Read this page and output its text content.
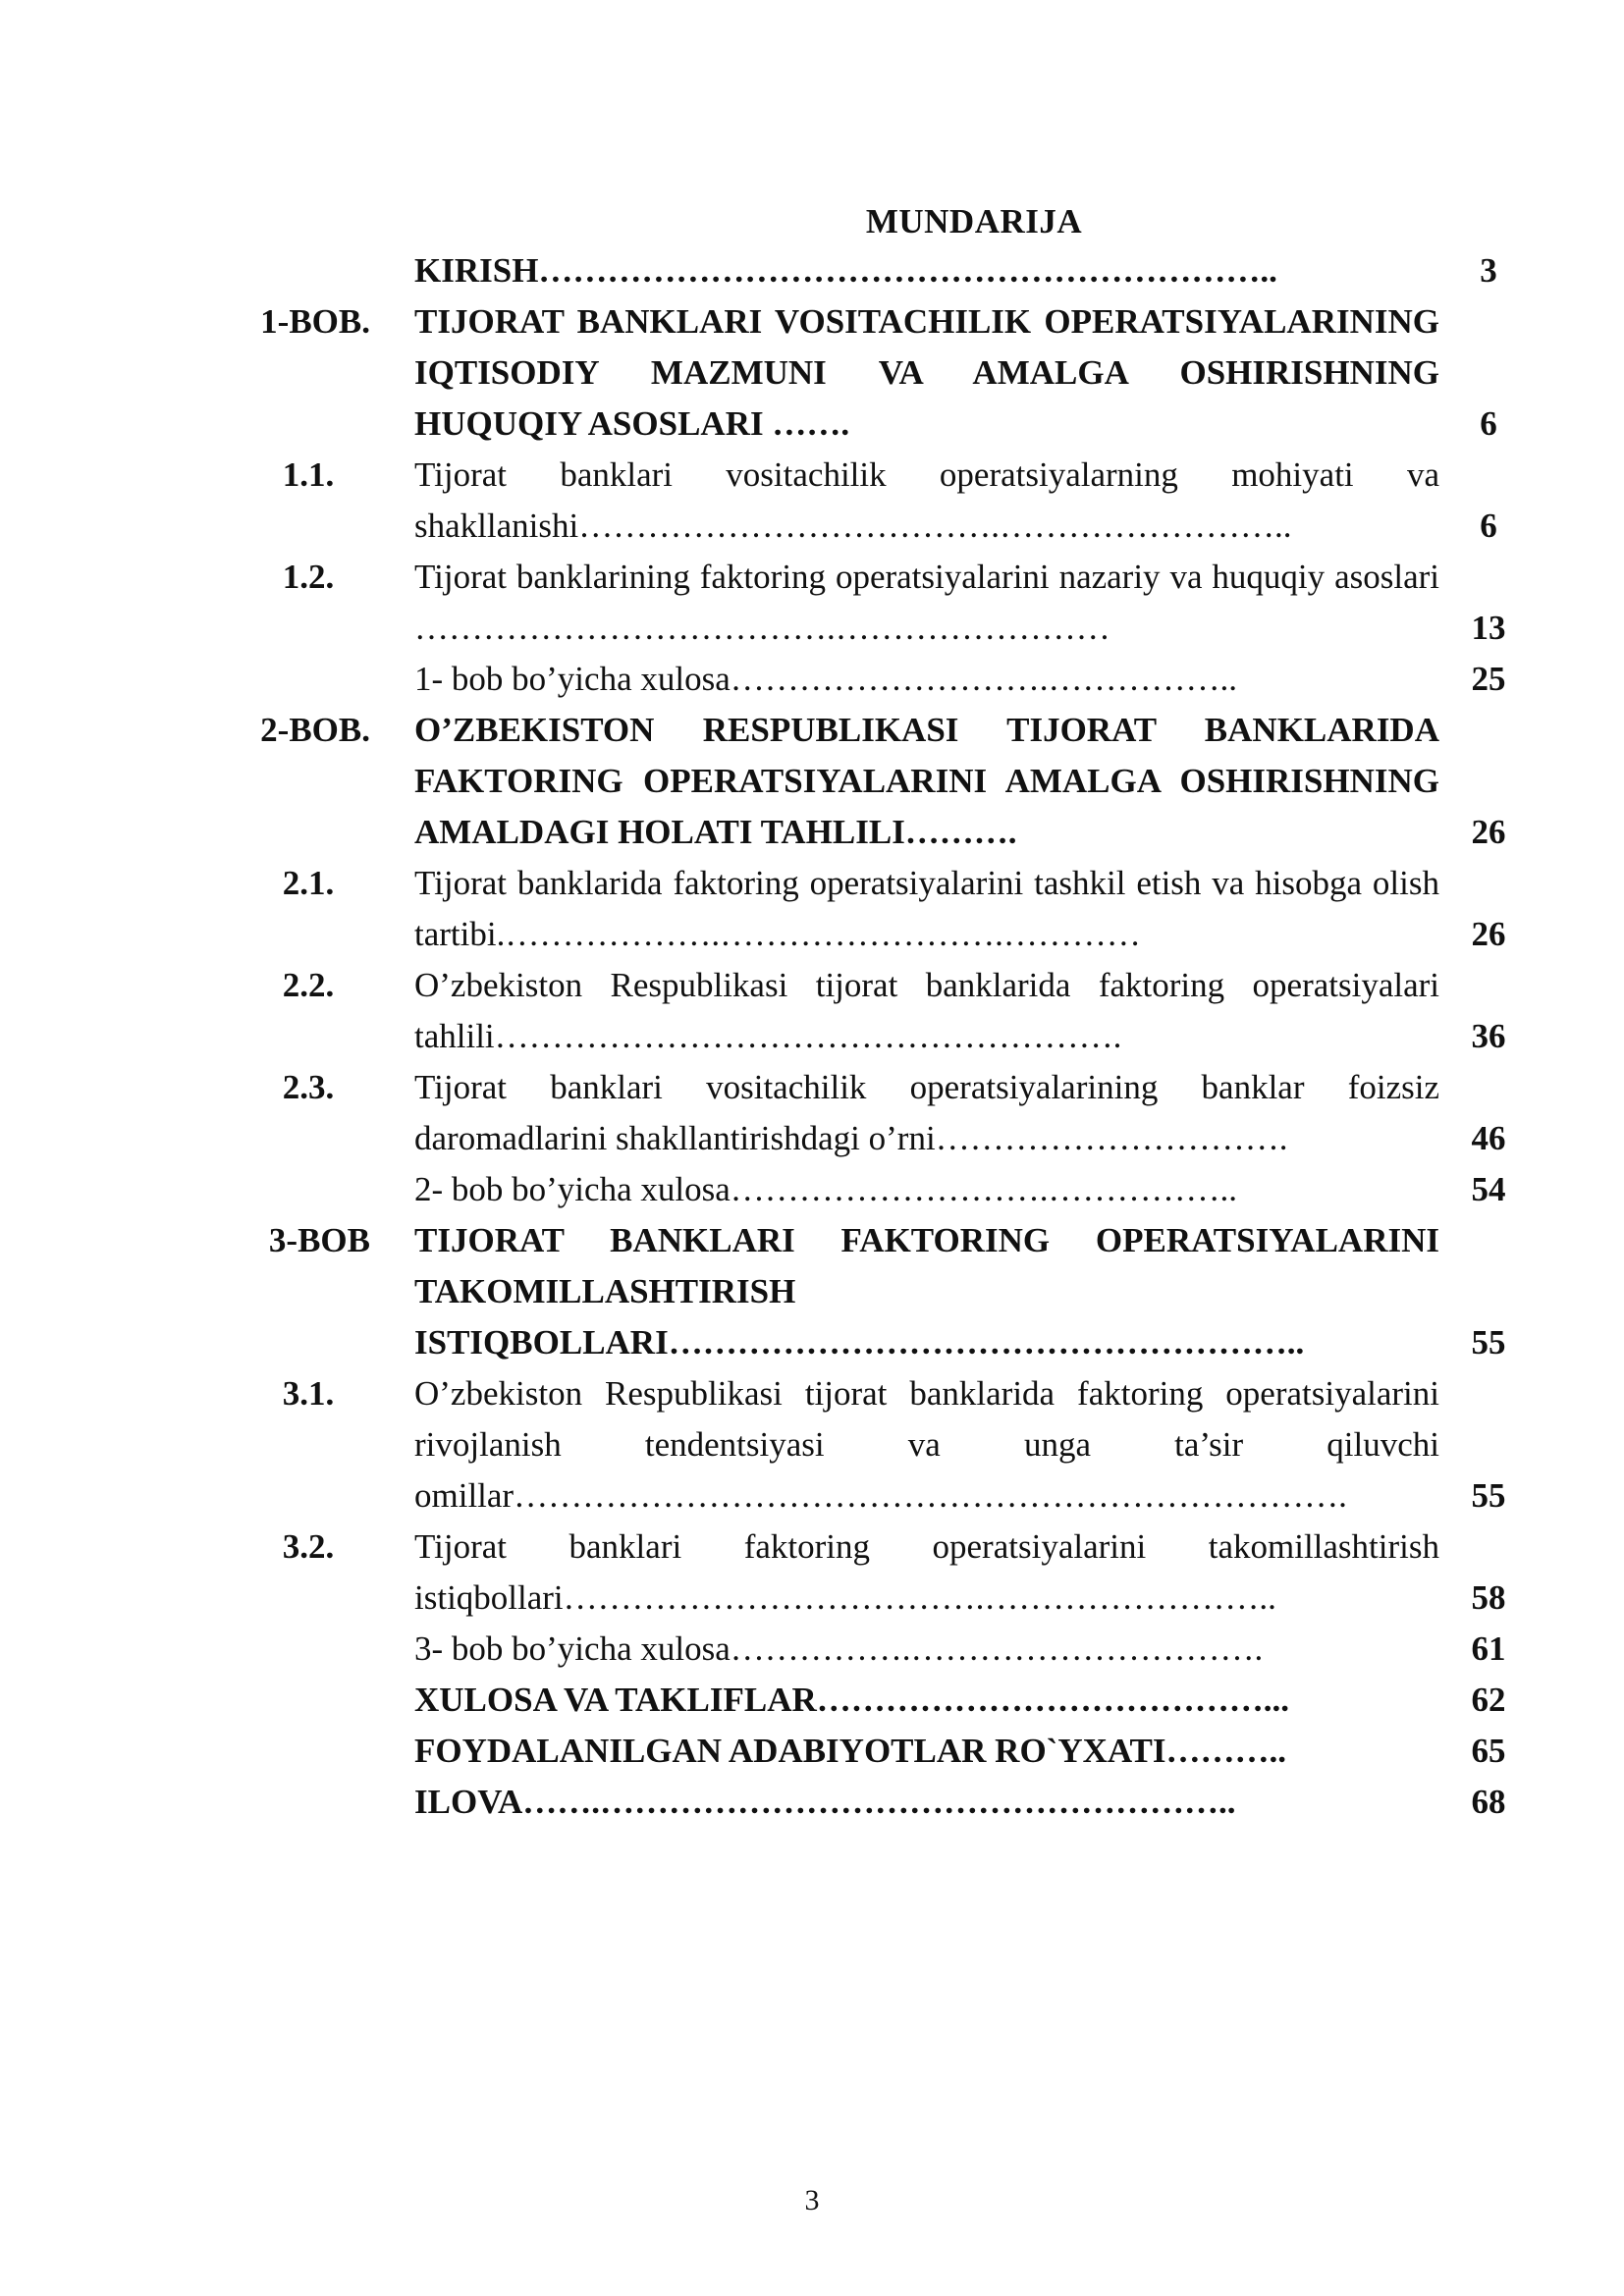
MUNDARIJA
KIRISH………………………………………………………..	3
1-BOB. TIJORAT BANKLARI VOSITACHILIK OPERATSIYALARINING IQTISODIY MAZMUNI VA AMALGA OSHIRISHNING HUQUQIY ASOSLARI …….	6
1.1.	Tijorat banklari vositachilik operatsiyalarning mohiyati va shakllanishi……………………………….……………………..	6
1.2.	Tijorat banklarining faktoring operatsiyalarini nazariy va huquqiy asoslari ……………………………….……………………	13
1- bob bo’yicha xulosa……………………….……………..	25
2-BOB. O’ZBEKISTON RESPUBLIKASI TIJORAT BANKLARIDA FAKTORING OPERATSIYALARINI AMALGA OSHIRISHNING AMALDAGI HOLATI TAHLILI……….	26
2.1.	Tijorat banklarida faktoring operatsiyalarini tashkil etish va hisobga olish tartibi.……………….…………………….…………	26
2.2.	O’zbekiston Respublikasi tijorat banklarida faktoring operatsiyalari tahlili……………………………………………….	36
2.3.	Tijorat banklari vositachilik operatsiyalarining banklar foizsiz daromadlarini shakllantirishdagi o’rni………………………….	46
2- bob bo’yicha xulosa……………………….……………..	54
3-BOB TIJORAT BANKLARI FAKTORING OPERATSIYALARINI TAKOMILLASHTIRISH ISTIQBOLLARI………………………………………………..	55
3.1.	O’zbekiston Respublikasi tijorat banklarida faktoring operatsiyalarini rivojlanish tendentsiyasi va unga ta’sir qiluvchi omillar……………………………………………………………….	55
3.2.	Tijorat banklari faktoring operatsiyalarini takomillashtirish istiqbollari……………………………….……………………..	58
3- bob bo’yicha xulosa…………….………………………….	61
XULOSA VA TAKLIFLAR…………………………………...	62
FOYDALANILGAN ADABIYOTLAR RO`YXATI………..	65
ILOVA…….………………………………………………..	68
3
